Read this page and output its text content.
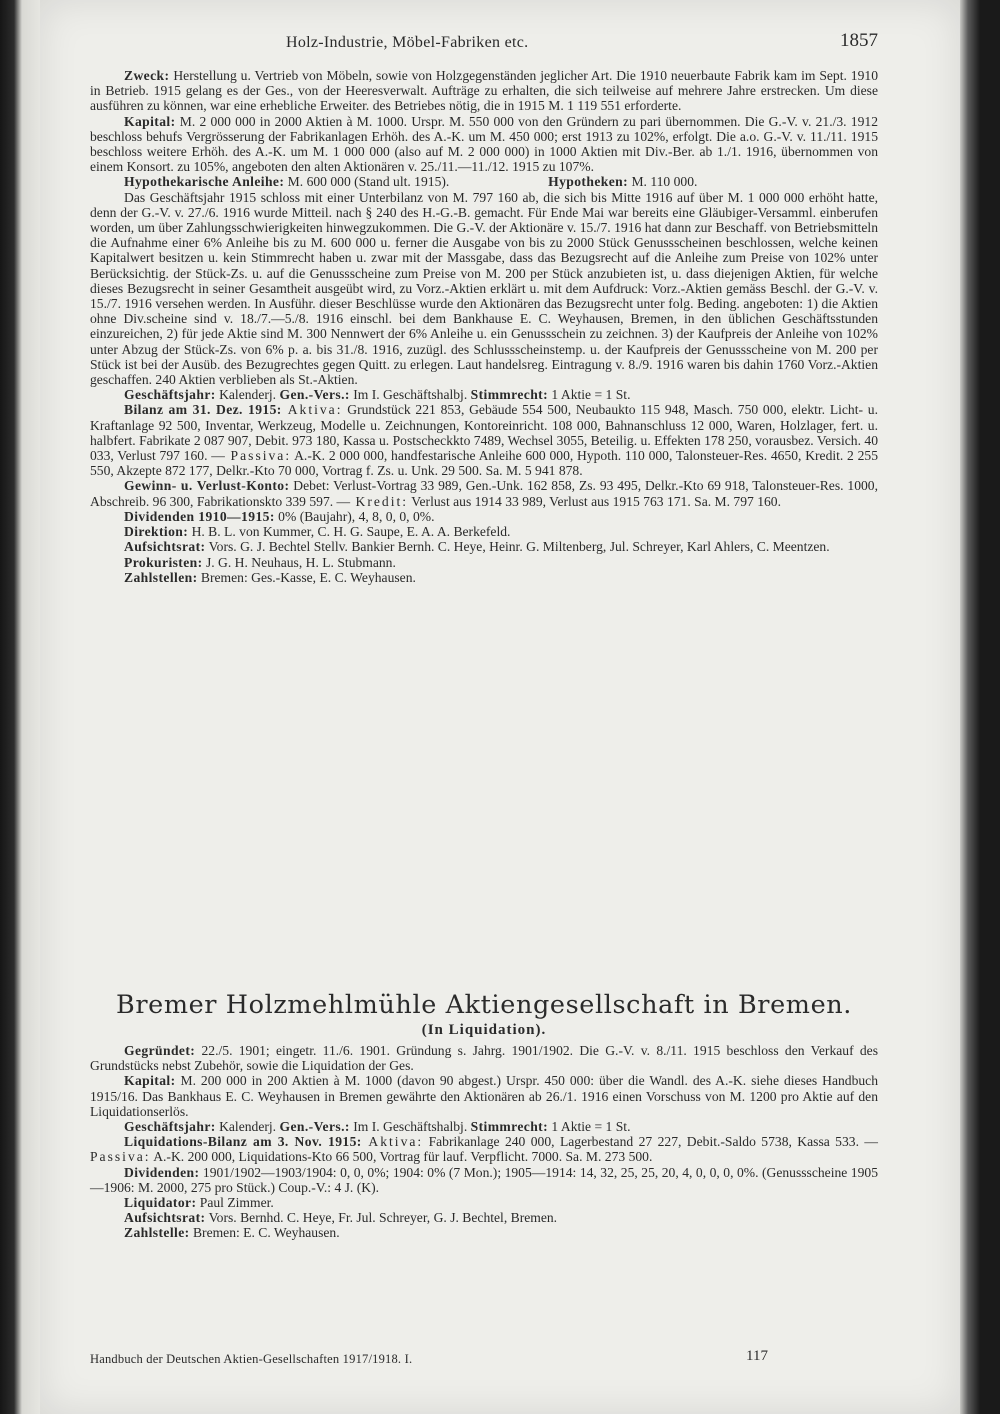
Holz-Industrie, Möbel-Fabriken etc.	1857

Zweck: Herstellung u. Vertrieb von Möbeln, sowie von Holzgegenständen jeglicher Art. Die 1910 neuerbaute Fabrik kam im Sept. 1910 in Betrieb. 1915 gelang es der Ges., von der Heeresverwalt. Aufträge zu erhalten, die sich teilweise auf mehrere Jahre erstrecken. Um diese ausführen zu können, war eine erhebliche Erweiter. des Betriebes nötig, die in 1915 M. 1 119 551 erforderte.

Kapital: M. 2 000 000 in 2000 Aktien à M. 1000. Urspr. M. 550 000 von den Gründern zu pari übernommen. Die G.-V. v. 21./3. 1912 beschloss behufs Vergrösserung der Fabrikanlagen Erhöh. des A.-K. um M. 450 000; erst 1913 zu 102%, erfolgt. Die a.o. G.-V. v. 11./11. 1915 beschloss weitere Erhöh. des A.-K. um M. 1 000 000 (also auf M. 2 000 000) in 1000 Aktien mit Div.-Ber. ab 1./1. 1916, übernommen von einem Konsort. zu 105%, angeboten den alten Aktionären v. 25./11.—11./12. 1915 zu 107%.

Hypothekarische Anleihe: M. 600 000 (Stand ult. 1915).	Hypotheken: M. 110 000.

Das Geschäftsjahr 1915 schloss mit einer Unterbilanz von M. 797 160 ab, die sich bis Mitte 1916 auf über M. 1 000 000 erhöht hatte, denn der G.-V. v. 27./6. 1916 wurde Mitteil. nach § 240 des H.-G.-B. gemacht. Für Ende Mai war bereits eine Gläubiger-Versamml. einberufen worden, um über Zahlungsschwierigkeiten hinwegzukommen. Die G.-V. der Aktionäre v. 15./7. 1916 hat dann zur Beschaff. von Betriebsmitteln die Aufnahme einer 6% Anleihe bis zu M. 600 000 u. ferner die Ausgabe von bis zu 2000 Stück Genussscheinen beschlossen, welche keinen Kapitalwert besitzen u. kein Stimmrecht haben u. zwar mit der Massgabe, dass das Bezugsrecht auf die Anleihe zum Preise von 102% unter Berücksichtig. der Stück-Zs. u. auf die Genussscheine zum Preise von M. 200 per Stück anzubieten ist, u. dass diejenigen Aktien, für welche dieses Bezugsrecht in seiner Gesamtheit ausgeübt wird, zu Vorz.-Aktien erklärt u. mit dem Aufdruck: Vorz.-Aktien gemäss Beschl. der G.-V. v. 15./7. 1916 versehen werden. In Ausführ. dieser Beschlüsse wurde den Aktionären das Bezugsrecht unter folg. Beding. angeboten: 1) die Aktien ohne Div.scheine sind v. 18./7.—5./8. 1916 einschl. bei dem Bankhause E. C. Weyhausen, Bremen, in den üblichen Geschäftsstunden einzureichen, 2) für jede Aktie sind M. 300 Nennwert der 6% Anleihe u. ein Genussschein zu zeichnen. 3) der Kaufpreis der Anleihe von 102% unter Abzug der Stück-Zs. von 6% p. a. bis 31./8. 1916, zuzügl. des Schlussscheinstemp. u. der Kaufpreis der Genussscheine von M. 200 per Stück ist bei der Ausüb. des Bezugrechtes gegen Quitt. zu erlegen. Laut handelsreg. Eintragung v. 8./9. 1916 waren bis dahin 1760 Vorz.-Aktien geschaffen. 240 Aktien verblieben als St.-Aktien.

Geschäftsjahr: Kalenderj. Gen.-Vers.: Im I. Geschäftshalbj. Stimmrecht: 1 Aktie = 1 St.

Bilanz am 31. Dez. 1915: Aktiva: Grundstück 221 853, Gebäude 554 500, Neubaukto 115 948, Masch. 750 000, elektr. Licht- u. Kraftanlage 92 500, Inventar, Werkzeug, Modelle u. Zeichnungen, Kontoreinricht. 108 000, Bahnanschluss 12 000, Waren, Holzlager, fert. u. halbfert. Fabrikate 2 087 907, Debit. 973 180, Kassa u. Postscheckkto 7489, Wechsel 3055, Beteilig. u. Effekten 178 250, vorausbez. Versich. 40 033, Verlust 797 160. — Passiva: A.-K. 2 000 000, handfestarische Anleihe 600 000, Hypoth. 110 000, Talonsteuer-Res. 4650, Kredit. 2 255 550, Akzepte 872 177, Delkr.-Kto 70 000, Vortrag f. Zs. u. Unk. 29 500. Sa. M. 5 941 878.

Gewinn- u. Verlust-Konto: Debet: Verlust-Vortrag 33 989, Gen.-Unk. 162 858, Zs. 93 495, Delkr.-Kto 69 918, Talonsteuer-Res. 1000, Abschreib. 96 300, Fabrikationskto 339 597. — Kredit: Verlust aus 1914 33 989, Verlust aus 1915 763 171. Sa. M. 797 160.

Dividenden 1910—1915: 0% (Baujahr), 4, 8, 0, 0, 0%.

Direktion: H. B. L. von Kummer, C. H. G. Saupe, E. A. A. Berkefeld.

Aufsichtsrat: Vors. G. J. Bechtel Stellv. Bankier Bernh. C. Heye, Heinr. G. Miltenberg, Jul. Schreyer, Karl Ahlers, C. Meentzen.

Prokuristen: J. G. H. Neuhaus, H. L. Stubmann.

Zahlstellen: Bremen: Ges.-Kasse, E. C. Weyhausen.

Bremer Holzmehlmühle Aktiengesellschaft in Bremen.
(In Liquidation).

Gegründet: 22./5. 1901; eingetr. 11./6. 1901. Gründung s. Jahrg. 1901/1902. Die G.-V. v. 8./11. 1915 beschloss den Verkauf des Grundstücks nebst Zubehör, sowie die Liquidation der Ges.

Kapital: M. 200 000 in 200 Aktien à M. 1000 (davon 90 abgest.) Urspr. 450 000: über die Wandl. des A.-K. siehe dieses Handbuch 1915/16. Das Bankhaus E. C. Weyhausen in Bremen gewährte den Aktionären ab 26./1. 1916 einen Vorschuss von M. 1200 pro Aktie auf den Liquidationserlös.

Geschäftsjahr: Kalenderj. Gen.-Vers.: Im I. Geschäftshalbj. Stimmrecht: 1 Aktie = 1 St.

Liquidations-Bilanz am 3. Nov. 1915: Aktiva: Fabrikanlage 240 000, Lagerbestand 27 227, Debit.-Saldo 5738, Kassa 533. — Passiva: A.-K. 200 000, Liquidations-Kto 66 500, Vortrag für lauf. Verpflicht. 7000. Sa. M. 273 500.

Dividenden: 1901/1902—1903/1904: 0, 0, 0%; 1904: 0% (7 Mon.); 1905—1914: 14, 32, 25, 25, 20, 4, 0, 0, 0, 0%. (Genussscheine 1905—1906: M. 2000, 275 pro Stück.) Coup.-V.: 4 J. (K).

Liquidator: Paul Zimmer.

Aufsichtsrat: Vors. Bernhd. C. Heye, Fr. Jul. Schreyer, G. J. Bechtel, Bremen.

Zahlstelle: Bremen: E. C. Weyhausen.

Handbuch der Deutschen Aktien-Gesellschaften 1917/1918. I.	117
